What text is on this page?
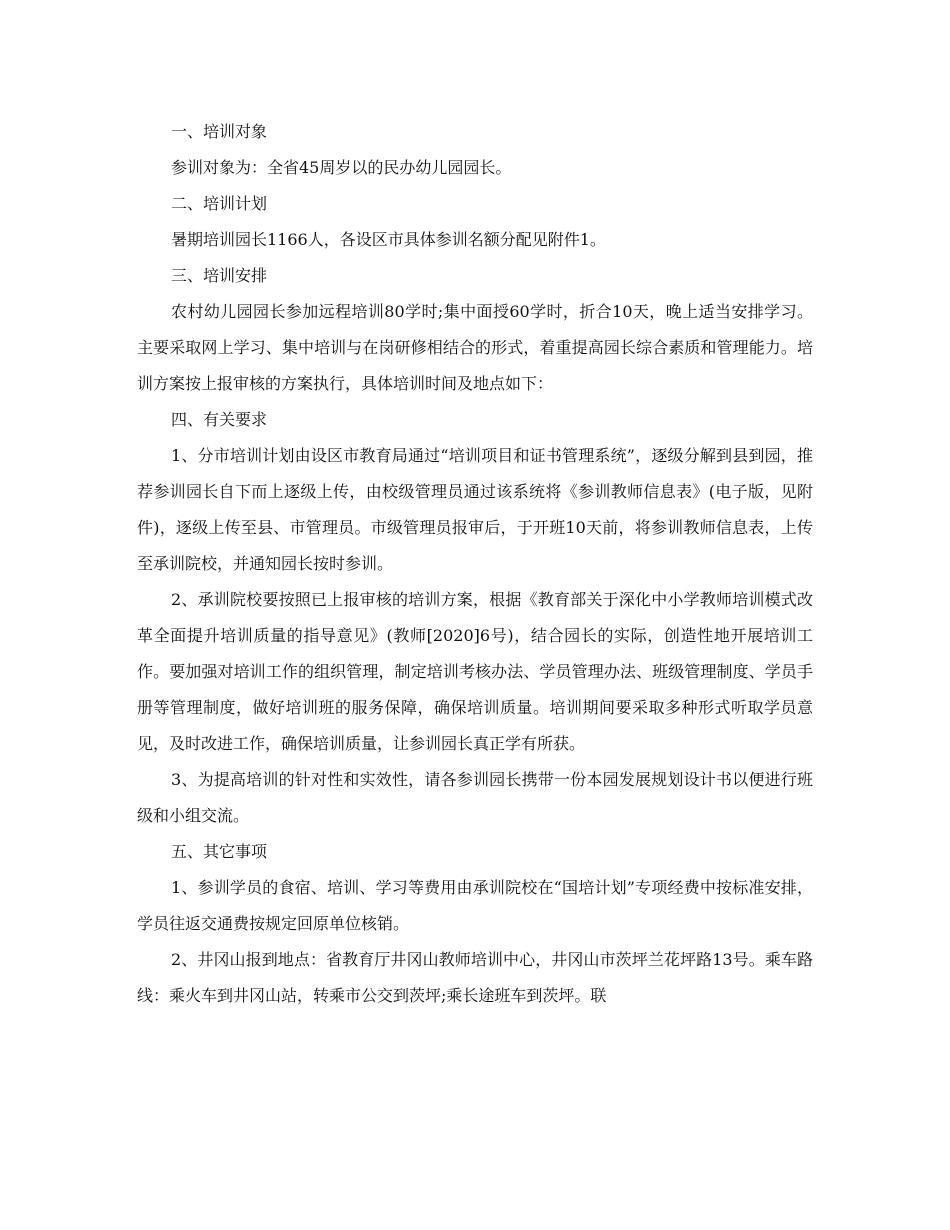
一、培训对象

参训对象为：全省45周岁以的民办幼儿园园长。

二、培训计划

暑期培训园长1166人，各设区市具体参训名额分配见附件1。

三、培训安排

农村幼儿园园长参加远程培训80学时;集中面授60学时，折合10天，晚上适当安排学习。主要采取网上学习、集中培训与在岗研修相结合的形式，着重提高园长综合素质和管理能力。培训方案按上报审核的方案执行，具体培训时间及地点如下：

四、有关要求

1、分市培训计划由设区市教育局通过“培训项目和证书管理系统”，逐级分解到县到园，推荐参训园长自下而上逐级上传，由校级管理员通过该系统将《参训教师信息表》(电子版，见附件)，逐级上传至县、市管理员。市级管理员报审后，于开班10天前，将参训教师信息表，上传至承训院校，并通知园长按时参训。

2、承训院校要按照已上报审核的培训方案，根据《教育部关于深化中小学教师培训模式改革全面提升培训质量的指导意见》(教师[2020]6号)，结合园长的实际，创造性地开展培训工作。要加强对培训工作的组织管理，制定培训考核办法、学员管理办法、班级管理制度、学员手册等管理制度，做好培训班的服务保障，确保培训质量。培训期间要采取多种形式听取学员意见，及时改进工作，确保培训质量，让参训园长真正学有所获。

3、为提高培训的针对性和实效性，请各参训园长携带一份本园发展规划设计书以便进行班级和小组交流。

五、其它事项

1、参训学员的食宿、培训、学习等费用由承训院校在“国培计划”专项经费中按标准安排，学员往返交通费按规定回原单位核销。

2、井冈山报到地点：省教育厅井冈山教师培训中心，井冈山市茨坪兰花坪路13号。乘车路线：乘火车到井冈山站，转乘市公交到茨坪;乘长途班车到茨坪。联
